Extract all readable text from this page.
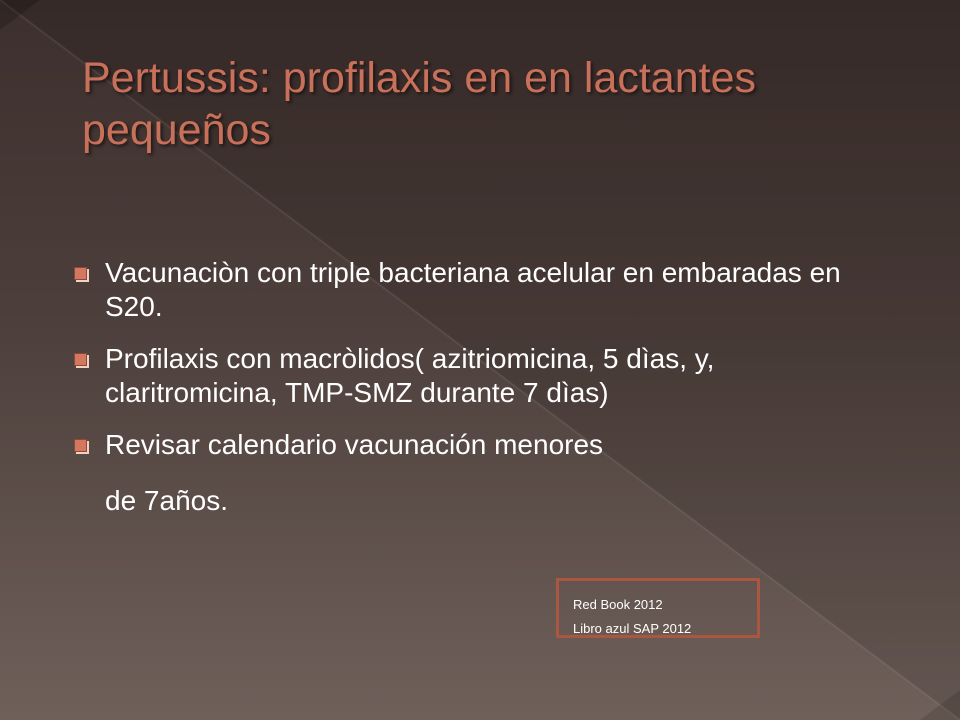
Pertussis: profilaxis en en lactantes pequeños
Vacunaciòn con triple bacteriana acelular en embaradas en S20.
Profilaxis con macròlidos( azitriomicina, 5 dìas, y, claritromicina, TMP-SMZ durante 7 dìas)
Revisar calendario vacunación menores
de 7años.
Red Book 2012
Libro azul SAP 2012
